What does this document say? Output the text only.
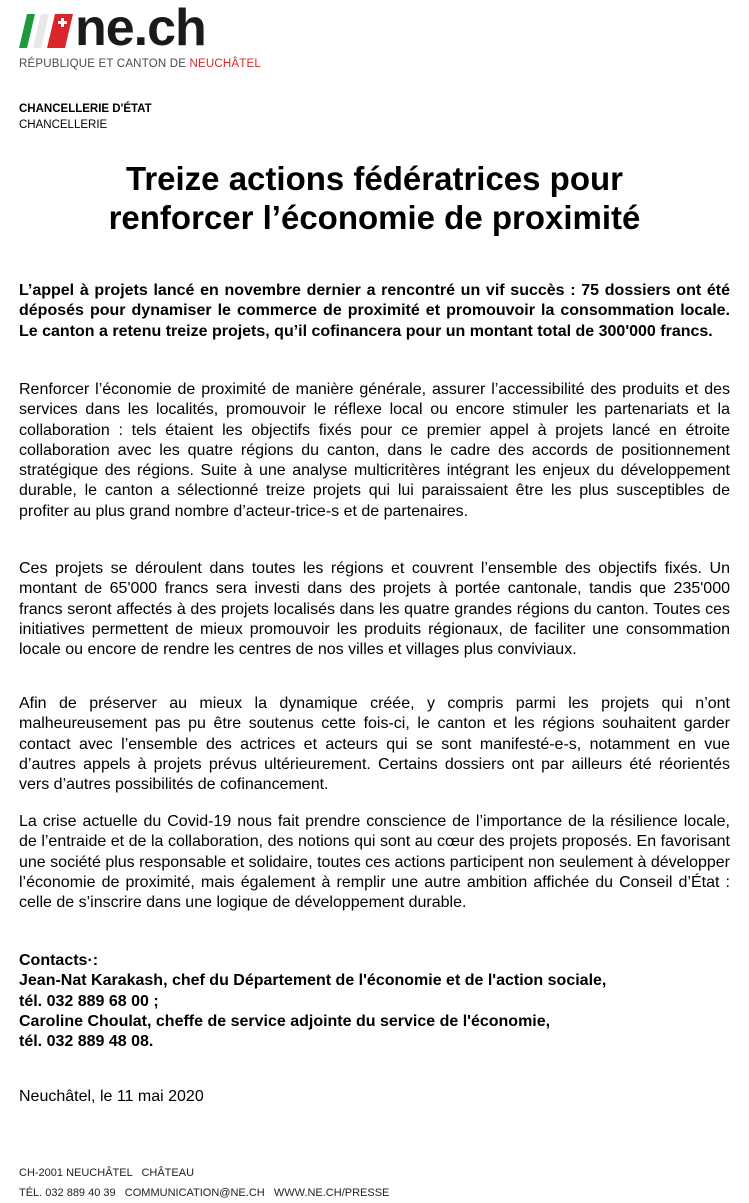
ne.ch
RÉPUBLIQUE ET CANTON DE NEUCHÂTEL
CHANCELLERIE D'ÉTAT
CHANCELLERIE
Treize actions fédératrices pour
renforcer l’économie de proximité
L’appel à projets lancé en novembre dernier a rencontré un vif succès : 75 dossiers ont été déposés pour dynamiser le commerce de proximité et promouvoir la consommation locale. Le canton a retenu treize projets, qu’il cofinancera pour un montant total de 300'000 francs.
Renforcer l’économie de proximité de manière générale, assurer l’accessibilité des produits et des services dans les localités, promouvoir le réflexe local ou encore stimuler les partenariats et la collaboration : tels étaient les objectifs fixés pour ce premier appel à projets lancé en étroite collaboration avec les quatre régions du canton, dans le cadre des accords de positionnement stratégique des régions. Suite à une analyse multicritères intégrant les enjeux du développement durable, le canton a sélectionné treize projets qui lui paraissaient être les plus susceptibles de profiter au plus grand nombre d’acteur-trice-s et de partenaires.
Ces projets se déroulent dans toutes les régions et couvrent l’ensemble des objectifs fixés. Un montant de 65'000 francs sera investi dans des projets à portée cantonale, tandis que 235'000 francs seront affectés à des projets localisés dans les quatre grandes régions du canton. Toutes ces initiatives permettent de mieux promouvoir les produits régionaux, de faciliter une consommation locale ou encore de rendre les centres de nos villes et villages plus conviviaux.
Afin de préserver au mieux la dynamique créée, y compris parmi les projets qui n’ont malheureusement pas pu être soutenus cette fois-ci, le canton et les régions souhaitent garder contact avec l’ensemble des actrices et acteurs qui se sont manifesté-e-s, notamment en vue d’autres appels à projets prévus ultérieurement. Certains dossiers ont par ailleurs été réorientés vers d’autres possibilités de cofinancement.
La crise actuelle du Covid-19 nous fait prendre conscience de l’importance de la résilience locale, de l’entraide et de la collaboration, des notions qui sont au cœur des projets proposés. En favorisant une société plus responsable et solidaire, toutes ces actions participent non seulement à développer l’économie de proximité, mais également à remplir une autre ambition affichée du Conseil d’État : celle de s’inscrire dans une logique de développement durable.
Contacts·:
Jean-Nat Karakash, chef du Département de l'économie et de l'action sociale,
tél. 032 889 68 00 ;
Caroline Choulat, cheffe de service adjointe du service de l'économie,
tél. 032 889 48 08.
Neuchâtel, le 11 mai 2020
CH-2001 NEUCHÂTEL   CHÂTEAU
TÉL. 032 889 40 39   COMMUNICATION@NE.CH   WWW.NE.CH/PRESSE
